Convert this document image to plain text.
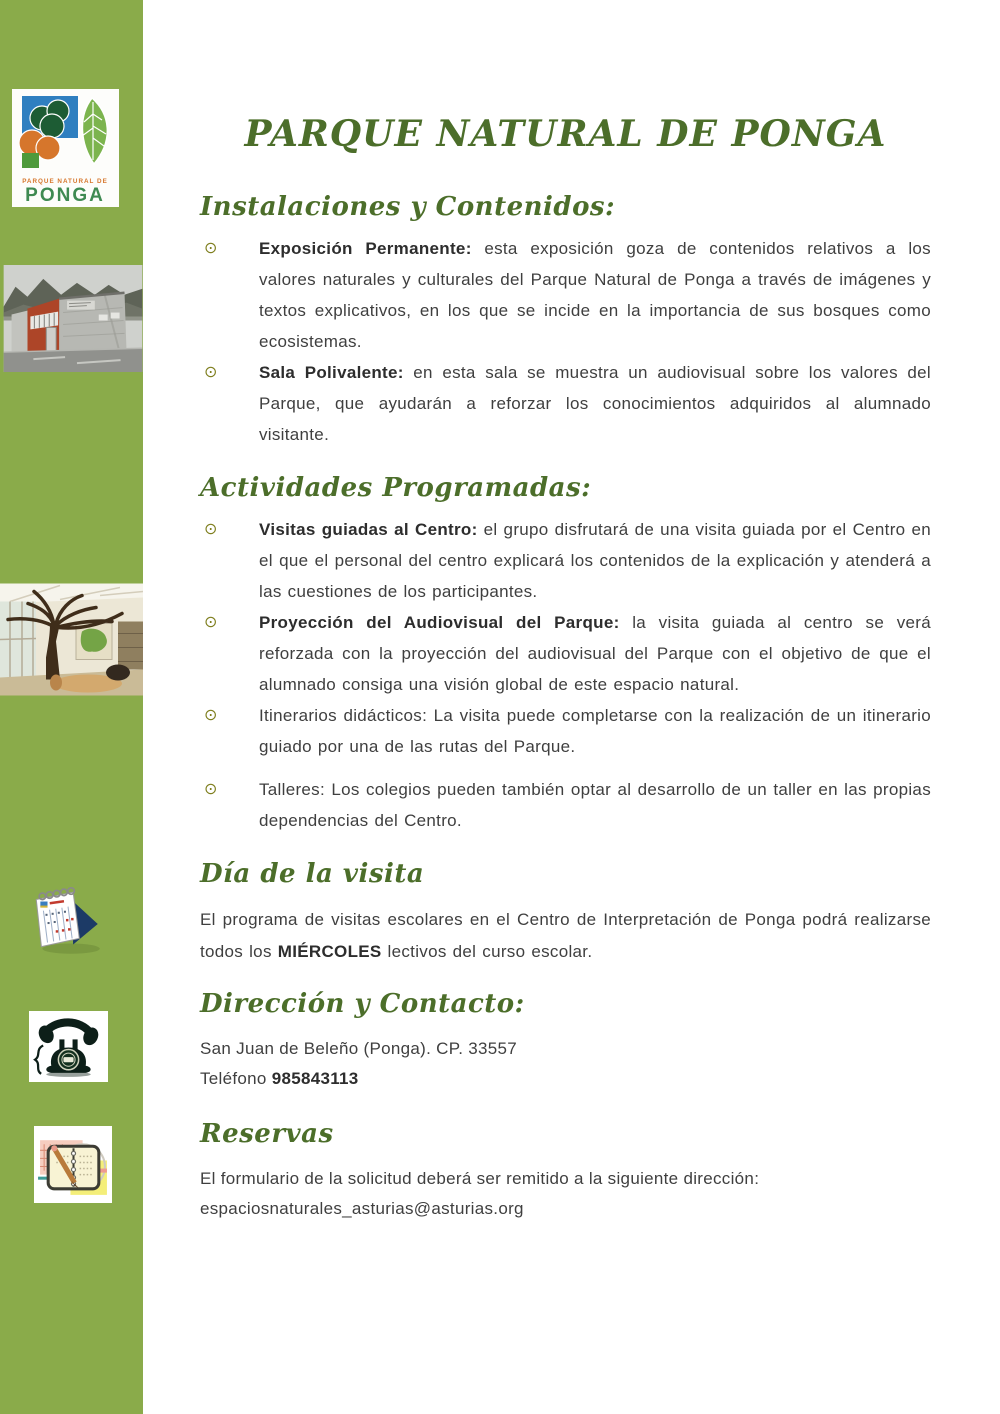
PARQUE NATURAL DE
PONGA
PARQUE NATURAL DE PONGA
Instalaciones y Contenidos:
⊙ Exposición Permanente: esta exposición goza de contenidos relativos a los valores naturales y culturales del Parque Natural de Ponga a través de imágenes y textos explicativos, en los que se incide en la importancia de sus bosques como ecosistemas.
⊙ Sala Polivalente: en esta sala se muestra un audiovisual sobre los valores del Parque, que ayudarán a reforzar los conocimientos adquiridos al alumnado visitante.
Actividades Programadas:
⊙ Visitas guiadas al Centro: el grupo disfrutará de una visita guiada por el Centro en el que el personal del centro explicará los contenidos de la explicación y atenderá a las cuestiones de los participantes.
⊙ Proyección del Audiovisual del Parque: la visita guiada al centro se verá reforzada con la proyección del audiovisual del Parque con el objetivo de que el alumnado consiga una visión global de este espacio natural.
⊙ Itinerarios didácticos: La visita puede completarse con la realización de un itinerario guiado por una de las rutas del Parque.
⊙ Talleres: Los colegios pueden también optar al desarrollo de un taller en las propias dependencias del Centro.
Día de la visita

El programa de visitas escolares en el Centro de Interpretación de Ponga podrá realizarse todos los MIÉRCOLES lectivos del curso escolar.

Dirección y Contacto:

San Juan de Beleño (Ponga). CP. 33557

Teléfono 985843113

Reservas

El formulario de la solicitud deberá ser remitido a la siguiente dirección:

espaciosnaturales_asturias@asturias.org
